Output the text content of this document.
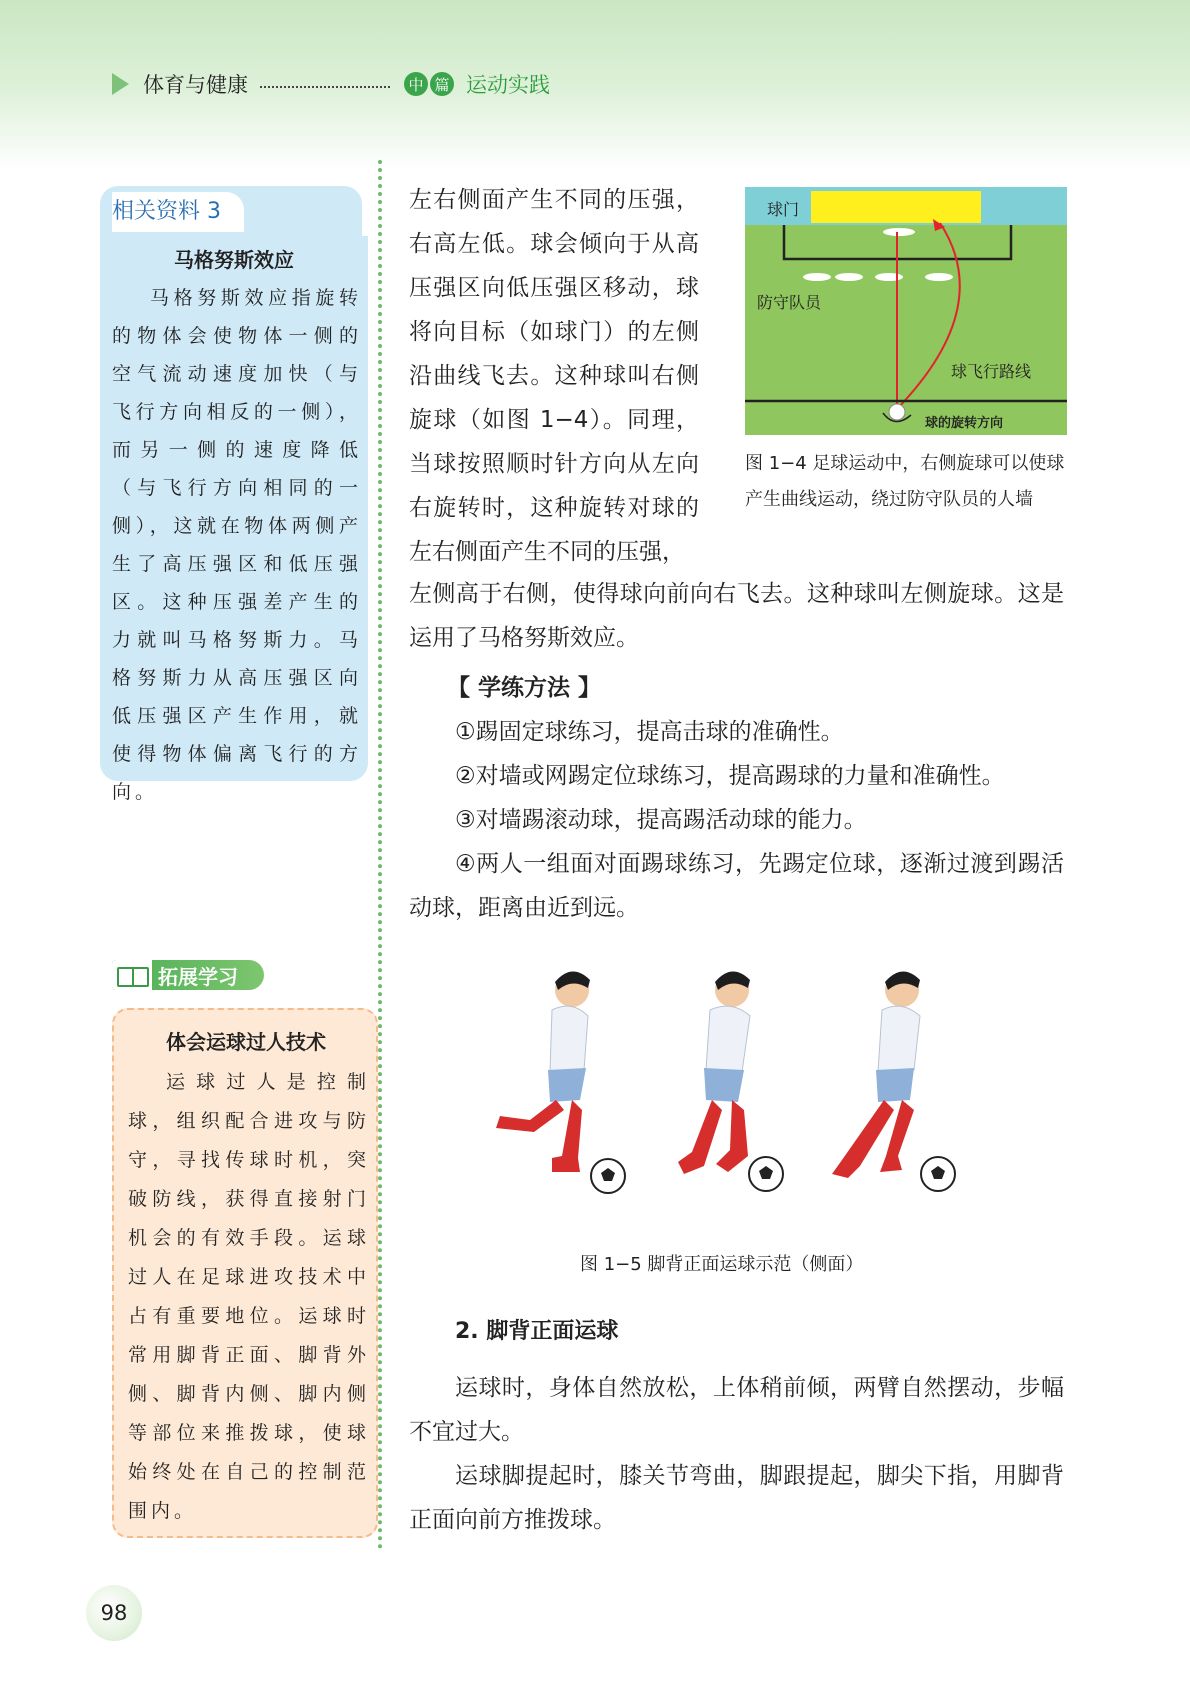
体育与健康	中 篇 运动实践
相关资料 3
马格努斯效应
马格努斯效应指旋转的物体会使物体一侧的空气流动速度加快（与飞行方向相反的一侧），而另一侧的速度降低（与飞行方向相同的一侧），这就在物体两侧产生了高压强区和低压强区。这种压强差产生的力就叫马格努斯力。马格努斯力从高压强区向低压强区产生作用，就使得物体偏离飞行的方向。
拓展学习
体会运球过人技术
运球过人是控制球，组织配合进攻与防守，寻找传球时机，突破防线，获得直接射门机会的有效手段。运球过人在足球进攻技术中占有重要地位。运球时常用脚背正面、脚背外侧、脚背内侧、脚内侧等部位来推拨球，使球始终处在自己的控制范围内。
左右侧面产生不同的压强，右高左低。球会倾向于从高压强区向低压强区移动，球将向目标（如球门）的左侧沿曲线飞去。这种球叫右侧旋球（如图 1−4）。同理，当球按照顺时针方向从左向右旋转时，这种旋转对球的左右侧面产生不同的压强，
左侧高于右侧，使得球向前向右飞去。这种球叫左侧旋球。这是运用了马格努斯效应。

【 学练方法 】

①踢固定球练习，提高击球的准确性。

②对墙或网踢定位球练习，提高踢球的力量和准确性。

③对墙踢滚动球，提高踢活动球的能力。

④两人一组面对面踢球练习，先踢定位球，逐渐过渡到踢活动球，距离由近到远。

球门
防守队员
球飞行路线
球的旋转方向
图 1−4 足球运动中，右侧旋球可以使球产生曲线运动，绕过防守队员的人墙
图 1−5 脚背正面运球示范（侧面）

2. 脚背正面运球

运球时，身体自然放松，上体稍前倾，两臂自然摆动，步幅不宜过大。

运球脚提起时，膝关节弯曲，脚跟提起，脚尖下指，用脚背正面向前方推拨球。

98
